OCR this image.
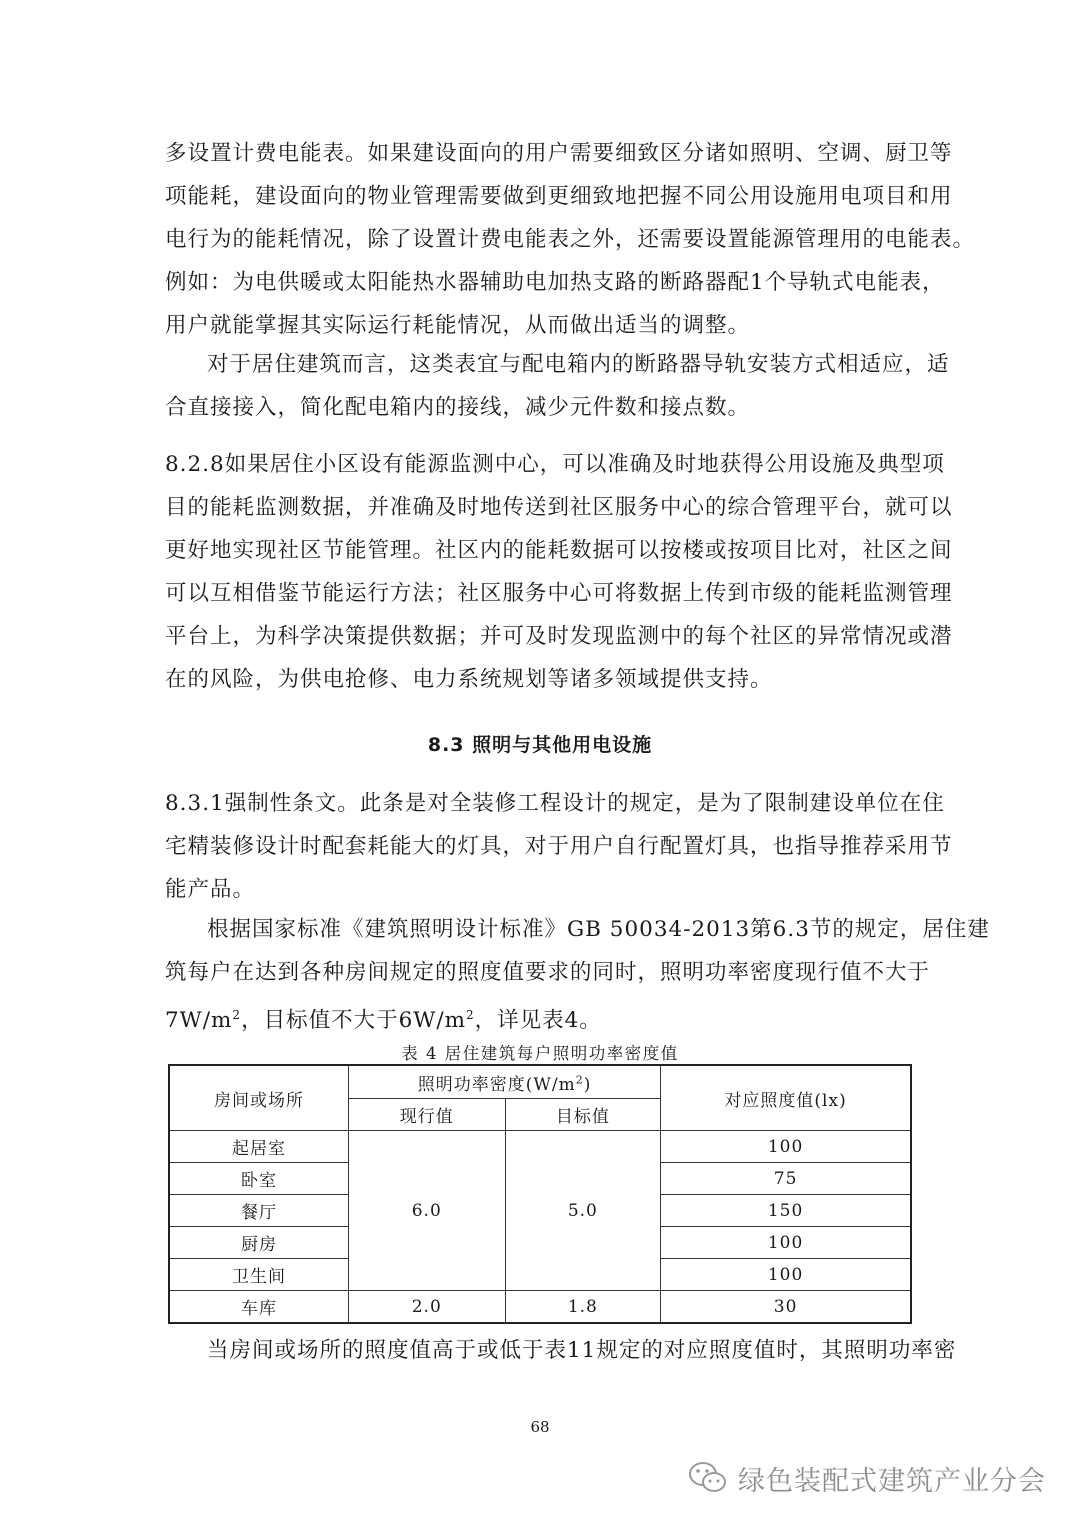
多设置计费电能表。如果建设面向的用户需要细致区分诸如照明、空调、厨卫等
项能耗，建设面向的物业管理需要做到更细致地把握不同公用设施用电项目和用
电行为的能耗情况，除了设置计费电能表之外，还需要设置能源管理用的电能表。
例如：为电供暖或太阳能热水器辅助电加热支路的断路器配1个导轨式电能表，
用户就能掌握其实际运行耗能情况，从而做出适当的调整。
对于居住建筑而言，这类表宜与配电箱内的断路器导轨安装方式相适应，适
合直接接入，简化配电箱内的接线，减少元件数和接点数。
8.2.8如果居住小区设有能源监测中心，可以准确及时地获得公用设施及典型项
目的能耗监测数据，并准确及时地传送到社区服务中心的综合管理平台，就可以
更好地实现社区节能管理。社区内的能耗数据可以按楼或按项目比对，社区之间
可以互相借鉴节能运行方法；社区服务中心可将数据上传到市级的能耗监测管理
平台上，为科学决策提供数据；并可及时发现监测中的每个社区的异常情况或潜
在的风险，为供电抢修、电力系统规划等诸多领域提供支持。
8.3 照明与其他用电设施
8.3.1强制性条文。此条是对全装修工程设计的规定，是为了限制建设单位在住
宅精装修设计时配套耗能大的灯具，对于用户自行配置灯具，也指导推荐采用节
能产品。
根据国家标准《建筑照明设计标准》GB 50034-2013第6.3节的规定，居住建
筑每户在达到各种房间规定的照度值要求的同时，照明功率密度现行值不大于
$7W/m^2$，目标值不大于$6W/m^2$，详见表4。
表 4 居住建筑每户照明功率密度值
房间或场所	照明功率密度$(W/m^2)$		对应照度值(lx)
	现行值	目标值	
起居室	6.0	5.0	100
卧室			75
餐厅			150
厨房			100
卫生间			100
车库	2.0	1.8	30
当房间或场所的照度值高于或低于表11规定的对应照度值时，其照明功率密
68
绿色装配式建筑产业分会
